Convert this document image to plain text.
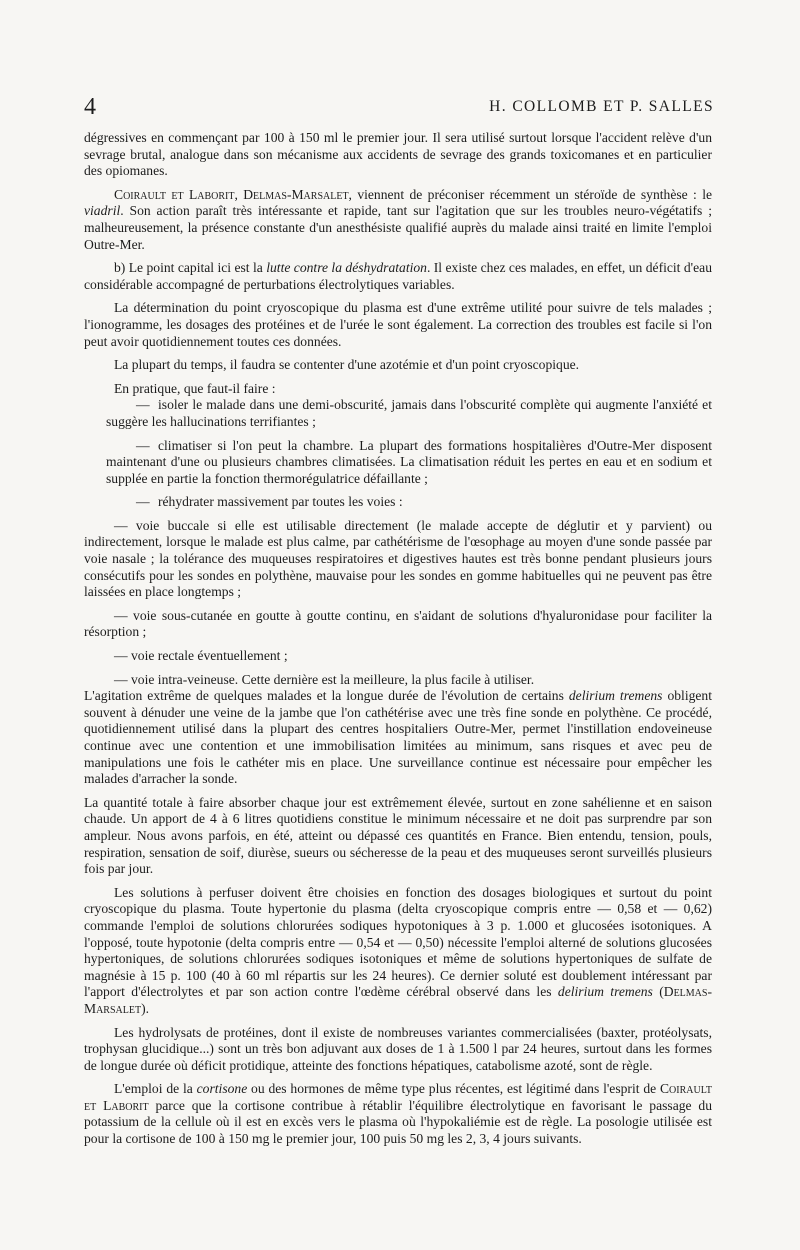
4	H. COLLOMB ET P. SALLES

dégressives en commençant par 100 à 150 ml le premier jour. Il sera utilisé surtout lorsque l'accident relève d'un sevrage brutal, analogue dans son mécanisme aux accidents de sevrage des grands toxicomanes et en particulier des opiomanes.

Coirault et Laborit, Delmas-Marsalet, viennent de préconiser récemment un stéroïde de synthèse : le viadril. Son action paraît très intéressante et rapide, tant sur l'agitation que sur les troubles neuro-végétatifs ; malheureusement, la présence constante d'un anesthésiste qualifié auprès du malade ainsi traité en limite l'emploi Outre-Mer.

b) Le point capital ici est la lutte contre la déshydratation. Il existe chez ces malades, en effet, un déficit d'eau considérable accompagné de perturbations électrolytiques variables.

La détermination du point cryoscopique du plasma est d'une extrême utilité pour suivre de tels malades ; l'ionogramme, les dosages des protéines et de l'urée le sont également. La correction des troubles est facile si l'on peut avoir quotidiennement toutes ces données.

La plupart du temps, il faudra se contenter d'une azotémie et d'un point cryoscopique.

En pratique, que faut-il faire :

— isoler le malade dans une demi-obscurité, jamais dans l'obscurité complète qui augmente l'anxiété et suggère les hallucinations terrifiantes ;

— climatiser si l'on peut la chambre. La plupart des formations hospitalières d'Outre-Mer disposent maintenant d'une ou plusieurs chambres climatisées. La climatisation réduit les pertes en eau et en sodium et supplée en partie la fonction thermorégulatrice défaillante ;

— réhydrater massivement par toutes les voies :

— voie buccale si elle est utilisable directement (le malade accepte de déglutir et y parvient) ou indirectement, lorsque le malade est plus calme, par cathétérisme de l'œsophage au moyen d'une sonde passée par voie nasale ; la tolérance des muqueuses respiratoires et digestives hautes est très bonne pendant plusieurs jours consécutifs pour les sondes en polythène, mauvaise pour les sondes en gomme habituelles qui ne peuvent pas être laissées en place longtemps ;

— voie sous-cutanée en goutte à goutte continu, en s'aidant de solutions d'hyaluronidase pour faciliter la résorption ;

— voie rectale éventuellement ;

— voie intra-veineuse. Cette dernière est la meilleure, la plus facile à utiliser.

L'agitation extrême de quelques malades et la longue durée de l'évolution de certains delirium tremens obligent souvent à dénuder une veine de la jambe que l'on cathétérise avec une très fine sonde en polythène. Ce procédé, quotidiennement utilisé dans la plupart des centres hospitaliers Outre-Mer, permet l'instillation endoveineuse continue avec une contention et une immobilisation limitées au minimum, sans risques et avec peu de manipulations une fois le cathéter mis en place. Une surveillance continue est nécessaire pour empêcher les malades d'arracher la sonde.

La quantité totale à faire absorber chaque jour est extrêmement élevée, surtout en zone sahélienne et en saison chaude. Un apport de 4 à 6 litres quotidiens constitue le minimum nécessaire et ne doit pas surprendre par son ampleur. Nous avons parfois, en été, atteint ou dépassé ces quantités en France. Bien entendu, tension, pouls, respiration, sensation de soif, diurèse, sueurs ou sécheresse de la peau et des muqueuses seront surveillés plusieurs fois par jour.

Les solutions à perfuser doivent être choisies en fonction des dosages biologiques et surtout du point cryoscopique du plasma. Toute hypertonie du plasma (delta cryoscopique compris entre — 0,58 et — 0,62) commande l'emploi de solutions chlorurées sodiques hypotoniques à 3 p. 1.000 et glucosées isotoniques. A l'opposé, toute hypotonie (delta compris entre — 0,54 et — 0,50) nécessite l'emploi alterné de solutions glucosées hypertoniques, de solutions chlorurées sodiques isotoniques et même de solutions hypertoniques de sulfate de magnésie à 15 p. 100 (40 à 60 ml répartis sur les 24 heures). Ce dernier soluté est doublement intéressant par l'apport d'électrolytes et par son action contre l'œdème cérébral observé dans les delirium tremens (Delmas-Marsalet).

Les hydrolysats de protéines, dont il existe de nombreuses variantes commercialisées (baxter, protéolysats, trophysan glucidique...) sont un très bon adjuvant aux doses de 1 à 1.500 l par 24 heures, surtout dans les formes de longue durée où déficit protidique, atteinte des fonctions hépatiques, catabolisme azoté, sont de règle.

L'emploi de la cortisone ou des hormones de même type plus récentes, est légitimé dans l'esprit de Coirault et Laborit parce que la cortisone contribue à rétablir l'équilibre électrolytique en favorisant le passage du potassium de la cellule où il est en excès vers le plasma où l'hypokaliémie est de règle. La posologie utilisée est pour la cortisone de 100 à 150 mg le premier jour, 100 puis 50 mg les 2, 3, 4 jours suivants.
